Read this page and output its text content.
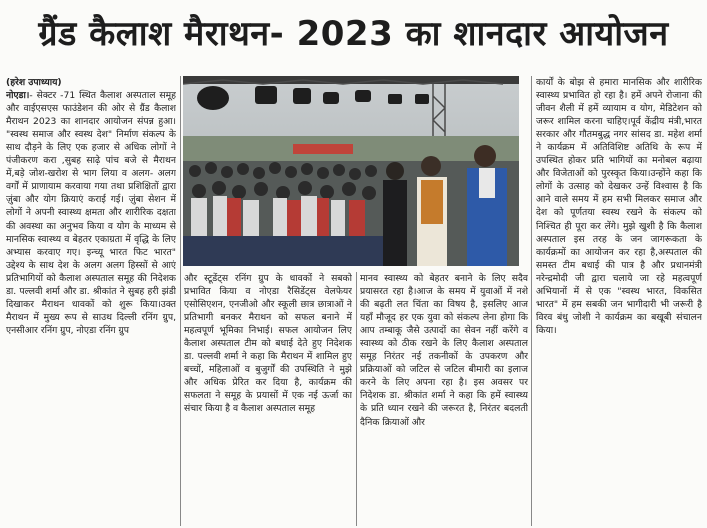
ग्रैंड कैलाश मैराथन- 2023 का शानदार आयोजन

(हरेश उपाध्याय)
नोएडा।- सेक्टर -71 स्थित कैलाश अस्पताल समूह और वाईएसएस फाउंडेशन की ओर से ग्रैंड कैलाश मैराथन 2023 का शानदार आयोजन संपन्न हुआ। "स्वस्थ समाज और स्वस्थ देश" निर्माण संकल्प के साथ दौड़ने के लिए एक हजार से अधिक लोगों ने पंजीकरण करा ,सुबह साढ़े पांच बजे से मैराथन में,बड़े जोश-खरोश से भाग लिया व अलग- अलग वर्गों में प्राणायाम करवाया गया तथा प्रशिक्षितों द्वारा ज़ुंबा और योग क्रियाएं कराई गई। ज़ुंबा सेशन में लोगों ने अपनी स्वास्थ्य क्षमता और शारीरिक दक्षता की अवस्था का अनुभव किया व योग के माध्यम से मानसिक स्वास्थ्य व बेहतर एकाग्रता में वृद्धि के लिए अभ्यास करवाए गए। इन्च्यू भारत फिट भारत" उद्देश्य के साथ देश के अलग अलग हिस्सों से आएं प्रतिभागियों को कैलाश अस्पताल समूह की निदेशक डा. पल्लवी शर्मा और डा. श्रीकांत ने सुबह हरी झंडी दिखाकर मैराथन धावकों को शुरू किया।उक्त मैराथन में मुख्य रूप से साउथ दिल्ली रनिंग ग्रुप, एनसीआर रनिंग ग्रुप, नोएडा रनिंग ग्रुप

और स्टूडेंट्स रनिंग ग्रुप के धावकों ने सबको प्रभावित किया व नोएडा रैसिडेंट्स वेलफेयर एसोसिएशन, एनजीओ और स्कूली छात्र छात्राओं ने प्रतिभागी बनकर मैराथन को सफल बनाने में महत्वपूर्ण भूमिका निभाई। सफल आयोजन लिए कैलाश अस्पताल टीम को बधाई देते हुए निदेशक डा. पल्लवी शर्मा ने कहा कि मैराथन में शामिल हुए बच्चों, महिलाओं व बुजुर्गों की उपस्थिति ने मुझे और अधिक प्रेरित कर दिया है, कार्यक्रम की सफलता ने समूह के प्रयासों में एक नई ऊर्जा का संचार किया है व कैलाश अस्पताल समूह

मानव स्वास्थ्य को बेहतर बनाने के लिए सदैव प्रयासरत रहा है।आज के समय में युवाओं में नशे की बढ़ती लत चिंता का विषय है, इसलिए आज यहाँ मौजूद हर एक युवा को संकल्प लेना होगा कि आप तम्बाकू जैसे उत्पादों का सेवन नहीं करेंगे व स्वास्थ्य को ठीक रखने के लिए कैलाश अस्पताल समूह निरंतर नई तकनीकों के उपकरण और प्रक्रियाओं को जटिल से जटिल बीमारी का इलाज करने के लिए अपना रहा है। इस अवसर पर निदेशक डा. श्रीकांत शर्मा ने कहा कि हमें स्वास्थ्य के प्रति ध्यान रखने की जरूरत है, निरंतर बदलती दैनिक क्रियाओं और

कार्यों के बोझ से हमारा मानसिक और शारीरिक स्वास्थ्य प्रभावित हो रहा है। हमें अपने रोजाना की जीवन शैली में हमें व्यायाम व योग, मेडिटेशन को जरूर शामिल करना चाहिए।पूर्व केंद्रीय मंत्री,भारत सरकार और गौतमबुद्ध नगर सांसद डा. महेश शर्मा ने कार्यक्रम में अतिविशिष्ट अतिथि के रूप में उपस्थित होकर प्रति भागियों का मनोबल बढ़ाया और विजेताओं को पुरस्कृत किया।उन्होंने कहा कि लोगों के उत्साह को देखकर उन्हें विश्वास है कि आने वाले समय में हम सभी मिलकर समाज और देश को पूर्णतया स्वस्थ रखने के संकल्प को निश्चित ही पूरा कर लेंगे। मुझे खुशी है कि कैलाश अस्पताल इस तरह के जन जागरूकता के कार्यक्रमों का आयोजन कर रहा है,अस्पताल की समस्त टीम बधाई की पात्र है और प्रधानमंत्री नरेन्द्रमोदी जी द्वारा चलाये जा रहे महत्वपूर्ण अभियानों में से एक "स्वस्थ भारत, विकसित भारत" में हम सबकी जन भागीदारी भी जरूरी है विरव बंधु जोशी ने कार्यक्रम का बखूबी संचालन किया।
